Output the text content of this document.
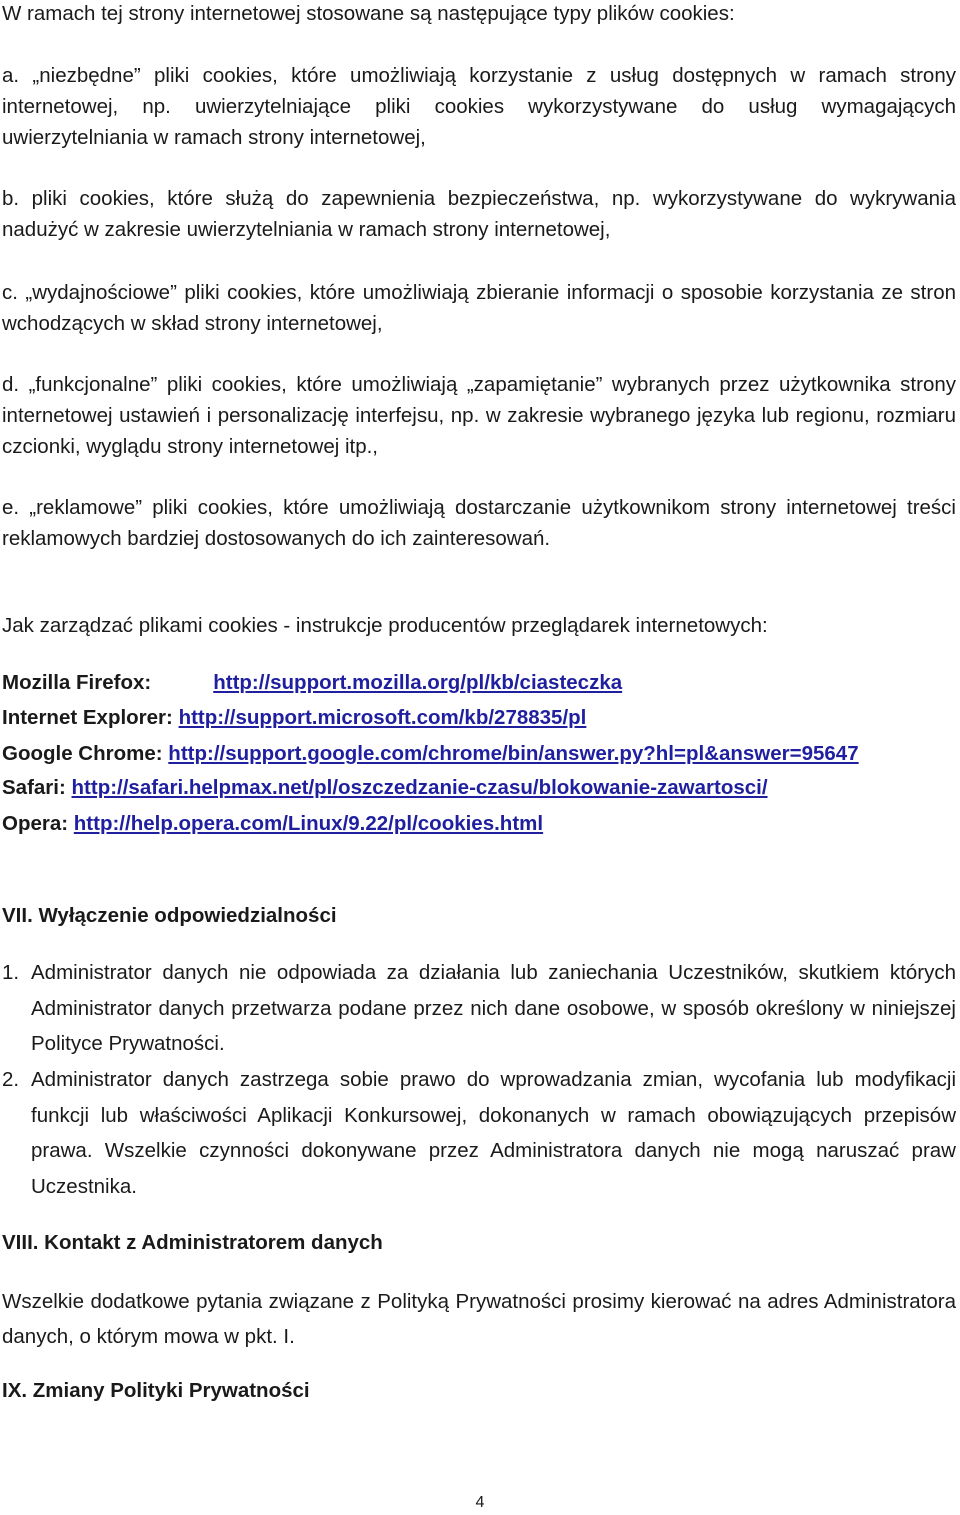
W ramach tej strony internetowej stosowane są następujące typy plików cookies:
a. „niezbędne” pliki cookies, które umożliwiają korzystanie z usług dostępnych w ramach strony internetowej, np. uwierzytelniające pliki cookies wykorzystywane do usług wymagających uwierzytelniania w ramach strony internetowej,
b. pliki cookies, które służą do zapewnienia bezpieczeństwa, np. wykorzystywane do wykrywania nadużyć w zakresie uwierzytelniania w ramach strony internetowej,
c. „wydajnościowe” pliki cookies, które umożliwiają zbieranie informacji o sposobie korzystania ze stron wchodzących w skład strony internetowej,
d. „funkcjonalne” pliki cookies, które umożliwiają „zapamiętanie” wybranych przez użytkownika strony internetowej ustawień i personalizację interfejsu, np. w zakresie wybranego języka lub regionu, rozmiaru czcionki, wyglądu strony internetowej itp.,
e. „reklamowe” pliki cookies, które umożliwiają dostarczanie użytkownikom strony internetowej treści reklamowych bardziej dostosowanych do ich zainteresowań.
Jak zarządzać plikami cookies - instrukcje producentów przeglądarek internetowych:
Mozilla Firefox:	http://support.mozilla.org/pl/kb/ciasteczka
Internet Explorer: http://support.microsoft.com/kb/278835/pl
Google Chrome: http://support.google.com/chrome/bin/answer.py?hl=pl&answer=95647
Safari: http://safari.helpmax.net/pl/oszczedzanie-czasu/blokowanie-zawartosci/
Opera: http://help.opera.com/Linux/9.22/pl/cookies.html
VII. Wyłączenie odpowiedzialności
1. Administrator danych nie odpowiada za działania lub zaniechania Uczestników, skutkiem których Administrator danych przetwarza podane przez nich dane osobowe, w sposób określony w niniejszej Polityce Prywatności.
2. Administrator danych zastrzega sobie prawo do wprowadzania zmian, wycofania lub modyfikacji funkcji lub właściwości Aplikacji Konkursowej, dokonanych w ramach obowiązujących przepisów prawa. Wszelkie czynności dokonywane przez Administratora danych nie mogą naruszać praw Uczestnika.
VIII. Kontakt z Administratorem danych
Wszelkie dodatkowe pytania związane z Polityką Prywatności prosimy kierować na adres Administratora danych, o którym mowa w pkt. I.
IX. Zmiany Polityki Prywatności
4
